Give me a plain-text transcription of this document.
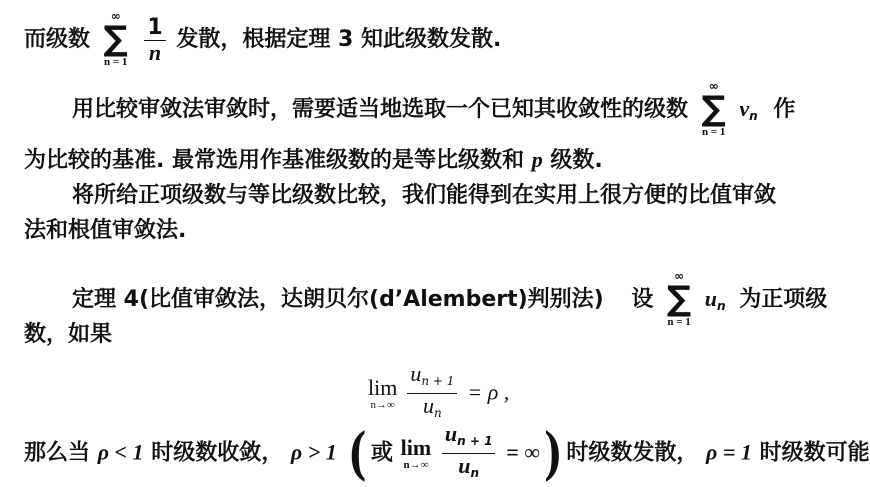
而级数
∞
∑
n = 1
$\frac{1}{n}$ 发散，根据定理 3 知此级数发散.
用比较审敛法审敛时，需要适当地选取一个已知其收敛性的级数
∞
∑
n = 1
$v_n$ 作
为比较的基准. 最常选用作基准级数的是等比级数和 p 级数.
将所给正项级数与等比级数比较，我们能得到在实用上很方便的比值审敛
法和根值审敛法.
定理 4(比值审敛法，达朗贝尔(d’Alembert)判别法) 设
∞
∑
n = 1
$u_n$ 为正项级
数，如果
lim
n→∞
$\frac{un + 1}{un} = \rho$ ,
那么当 ρ < 1 时级数收敛， ρ > 1 ( 或 lim
n→∞
$\frac{un + 1}{un}$ = ∞) 时级数发散， ρ = 1 时级数可能
